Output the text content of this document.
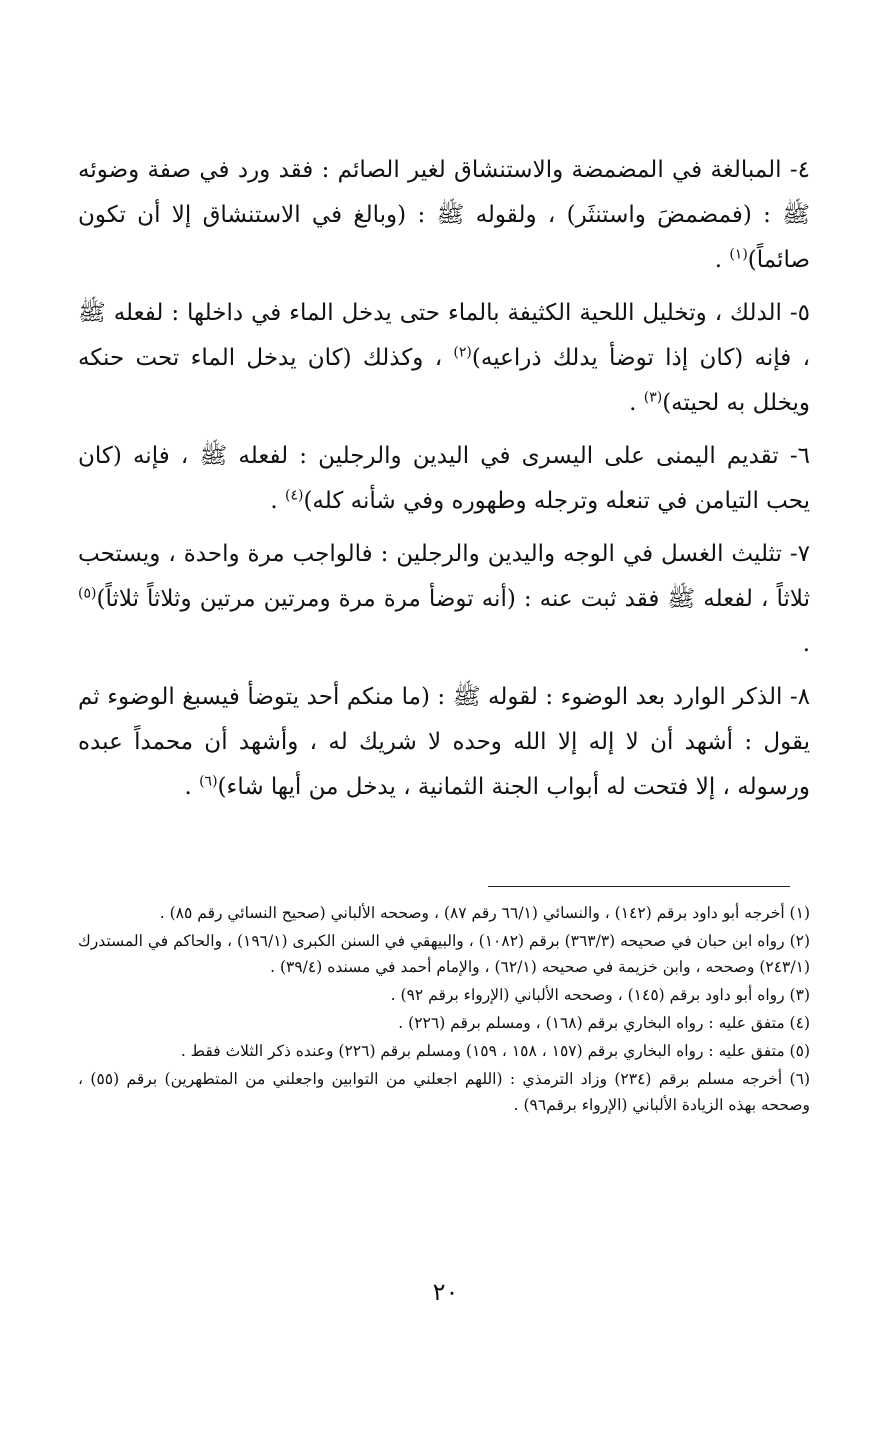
٤- المبالغة في المضمضة والاستنشاق لغير الصائم : فقد ورد في صفة وضوئه ﷺ : (فمضمضَ واستنثَر) ، ولقوله ﷺ : (وبالغ في الاستنشاق إلا أن تكون صائماً)$^{(١)}$ .

٥- الدلك ، وتخليل اللحية الكثيفة بالماء حتى يدخل الماء في داخلها : لفعله ﷺ ، فإنه (كان إذا توضأ يدلك ذراعيه)$^{(٢)}$ ، وكذلك (كان يدخل الماء تحت حنكه ويخلل به لحيته)$^{(٣)}$ .

٦- تقديم اليمنى على اليسرى في اليدين والرجلين : لفعله ﷺ ، فإنه (كان يحب التيامن في تنعله وترجله وطهوره وفي شأنه كله)$^{(٤)}$ .

٧- تثليث الغسل في الوجه واليدين والرجلين : فالواجب مرة واحدة ، ويستحب ثلاثاً ، لفعله ﷺ فقد ثبت عنه : (أنه توضأ مرة مرة ومرتين مرتين وثلاثاً ثلاثاً)$^{(٥)}$ .

٨- الذكر الوارد بعد الوضوء : لقوله ﷺ : (ما منكم أحد يتوضأ فيسبغ الوضوء ثم يقول : أشهد أن لا إله إلا الله وحده لا شريك له ، وأشهد أن محمداً عبده ورسوله ، إلا فتحت له أبواب الجنة الثمانية ، يدخل من أيها شاء)$^{(٦)}$ .

(١) أخرجه أبو داود برقم (١٤٢) ، والنسائي (٦٦/١ رقم ٨٧) ، وصححه الألباني (صحيح النسائي رقم ٨٥) .

(٢) رواه ابن حبان في صحيحه (٣٦٣/٣) برقم (١٠٨٢) ، والبيهقي في السنن الكبرى (١٩٦/١) ، والحاكم في المستدرك (٢٤٣/١) وصححه ، وابن خزيمة في صحيحه (٦٢/١) ، والإمام أحمد في مسنده (٣٩/٤) .

(٣) رواه أبو داود برقم (١٤٥) ، وصححه الألباني (الإرواء برقم ٩٢) .

(٤) متفق عليه : رواه البخاري برقم (١٦٨) ، ومسلم برقم (٢٢٦) .

(٥) متفق عليه : رواه البخاري برقم (١٥٧ ، ١٥٨ ، ١٥٩) ومسلم برقم (٢٢٦) وعنده ذكر الثلاث فقط .

(٦) أخرجه مسلم برقم (٢٣٤) وزاد الترمذي : (اللهم اجعلني من التوابين واجعلني من المتطهرين) برقم (٥٥) ، وصححه بهذه الزيادة الألباني (الإرواء برقم٩٦) .

٢٠
